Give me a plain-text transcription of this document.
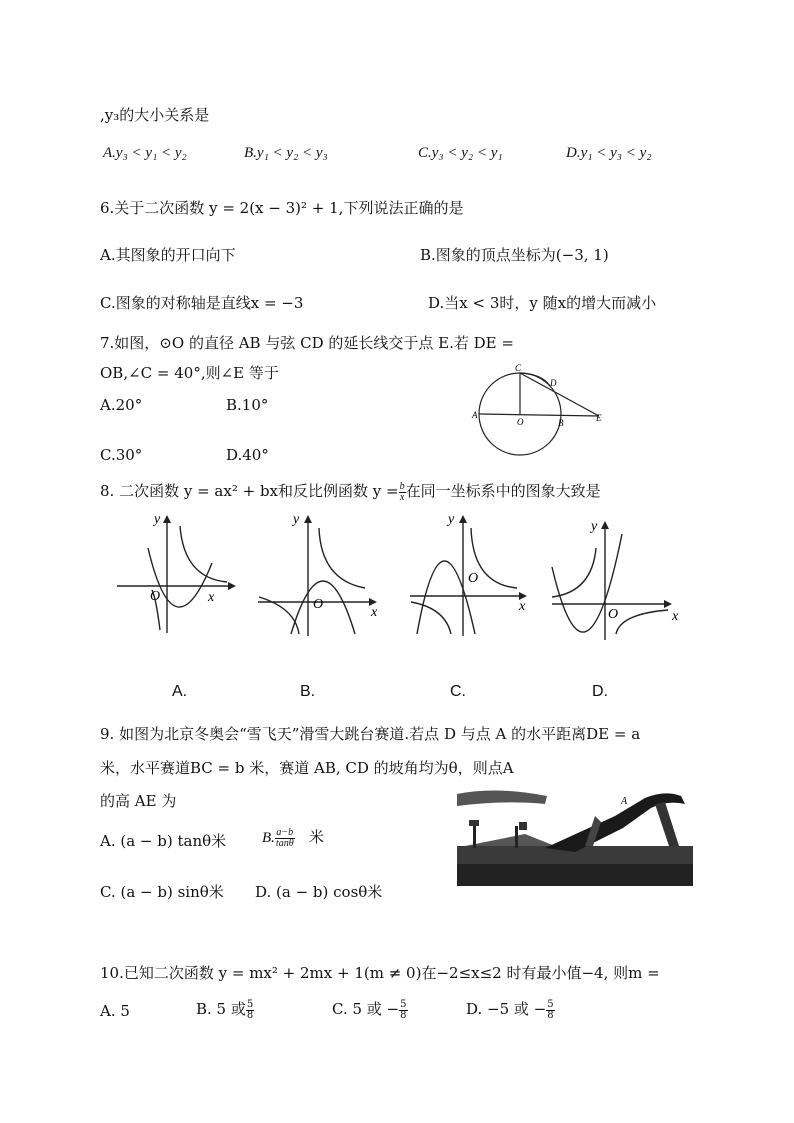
,y₃的大小关系是
A.y₃ < y₁ < y₂	B.y₁ < y₂ < y₃	C.y₃ < y₂ < y₁	D.y₁ < y₃ < y₂
6.关于二次函数 y = 2(x − 3)² + 1,下列说法正确的是
A.其图象的开口向下	B.图象的顶点坐标为(−3, 1)
C.图象的对称轴是直线x = −3	D.当x < 3时，y 随x的增大而减小
7.如图，⊙O 的直径 AB 与弦 CD 的延长线交于点 E.若 DE =
OB,∠C = 40°,则∠E 等于
A.20°	B.10°
C.30°	D.40°
A
C
D
O	B	E
8. 二次函数 y = ax² + bx和反比例函数 $y = \frac{b}{x}$ 在同一坐标系中的图象大致是
x
y
O
A.
x
y
O
B.
x
y
O
C.
x
y
O
D.
9. 如图为北京冬奥会“雪飞天”滑雪大跳台赛道.若点 D 与点 A 的水平距离DE = a
米，水平赛道BC = b 米，赛道 AB, CD 的坡角均为θ，则点A
的高 AE 为
A. (a − b) tanθ米 B. $\frac{a-b}{\tan\theta}$ 米
C. (a − b) sinθ米 D. (a − b) cosθ米
A
10.已知二次函数 y = mx² + 2mx + 1(m ≠ 0)在−2≤x≤2 时有最小值−4, 则m =
A. 5	B. 5 或 $\frac{5}{8}$	C. 5 或 − $\frac{5}{8}$	D. −5 或 − $\frac{5}{8}$
